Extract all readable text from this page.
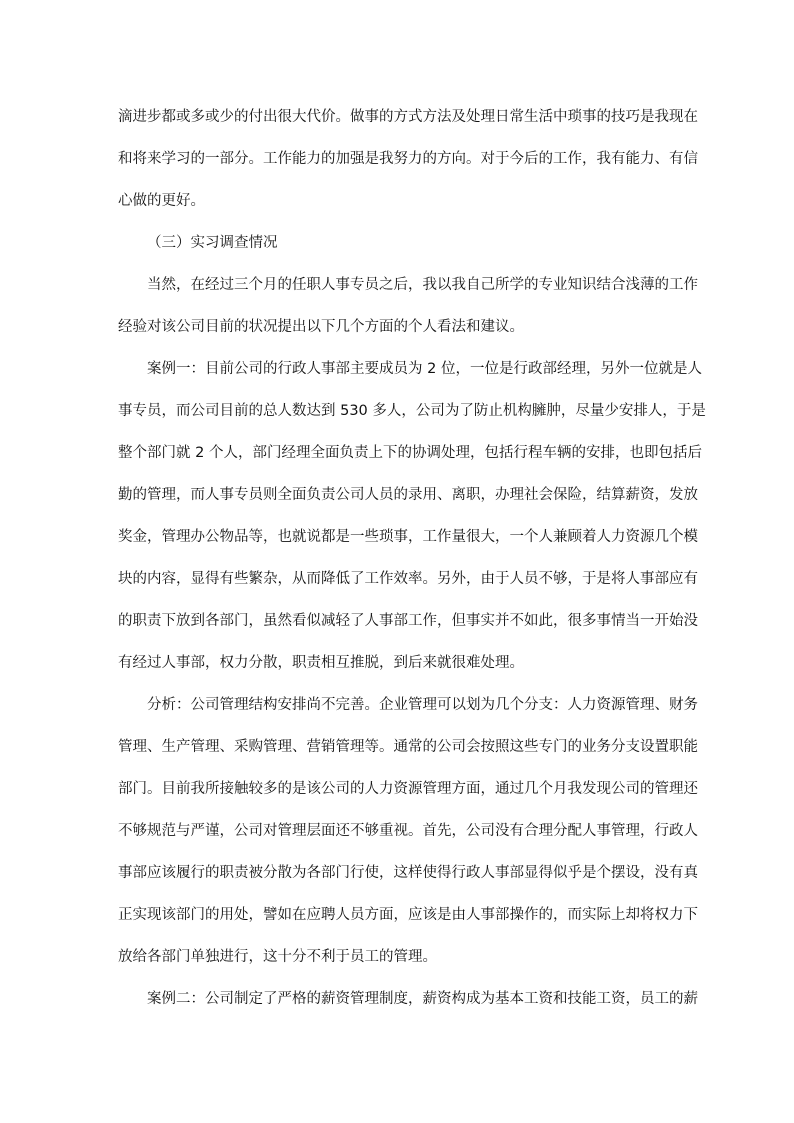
滴进步都或多或少的付出很大代价。做事的方式方法及处理日常生活中琐事的技巧是我现在
和将来学习的一部分。工作能力的加强是我努力的方向。对于今后的工作，我有能力、有信
心做的更好。
（三）实习调查情况
当然，在经过三个月的任职人事专员之后，我以我自己所学的专业知识结合浅薄的工作
经验对该公司目前的状况提出以下几个方面的个人看法和建议。
案例一：目前公司的行政人事部主要成员为 2 位，一位是行政部经理，另外一位就是人
事专员，而公司目前的总人数达到 530 多人，公司为了防止机构臃肿，尽量少安排人，于是
整个部门就 2 个人，部门经理全面负责上下的协调处理，包括行程车辆的安排，也即包括后
勤的管理，而人事专员则全面负责公司人员的录用、离职，办理社会保险，结算薪资，发放
奖金，管理办公物品等，也就说都是一些琐事，工作量很大，一个人兼顾着人力资源几个模
块的内容，显得有些繁杂，从而降低了工作效率。另外，由于人员不够，于是将人事部应有
的职责下放到各部门，虽然看似减轻了人事部工作，但事实并不如此，很多事情当一开始没
有经过人事部，权力分散，职责相互推脱，到后来就很难处理。
分析：公司管理结构安排尚不完善。企业管理可以划为几个分支：人力资源管理、财务
管理、生产管理、采购管理、营销管理等。通常的公司会按照这些专门的业务分支设置职能
部门。目前我所接触较多的是该公司的人力资源管理方面，通过几个月我发现公司的管理还
不够规范与严谨，公司对管理层面还不够重视。首先，公司没有合理分配人事管理，行政人
事部应该履行的职责被分散为各部门行使，这样使得行政人事部显得似乎是个摆设，没有真
正实现该部门的用处，譬如在应聘人员方面，应该是由人事部操作的，而实际上却将权力下
放给各部门单独进行，这十分不利于员工的管理。
案例二：公司制定了严格的薪资管理制度，薪资构成为基本工资和技能工资，员工的薪
